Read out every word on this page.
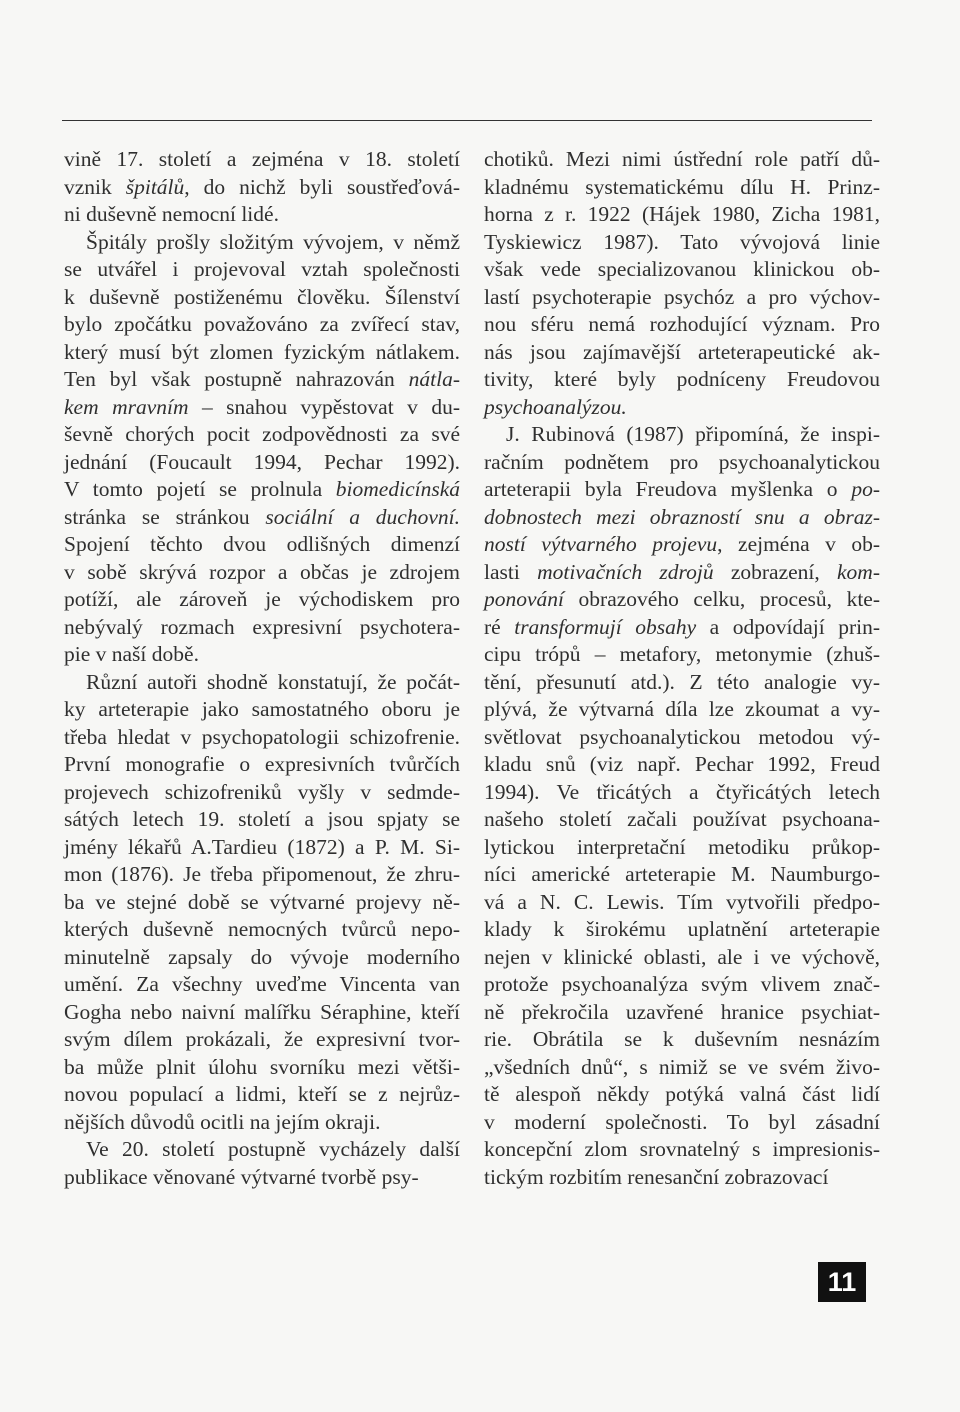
vině 17. století a zejména v 18. století
vznik špitálů, do nichž byli soustřeďová-
ni duševně nemocní lidé.

Špitály prošly složitým vývojem, v němž
se utvářel i projevoval vztah společnosti
k duševně postiženému člověku. Šílenství
bylo zpočátku považováno za zvířecí stav,
který musí být zlomen fyzickým nátlakem.
Ten byl však postupně nahrazován nátla-
kem mravním – snahou vypěstovat v du-
ševně chorých pocit zodpovědnosti za své
jednání (Foucault 1994, Pechar 1992).
V tomto pojetí se prolnula biomedicínská
stránka se stránkou sociální a duchovní.
Spojení těchto dvou odlišných dimenzí
v sobě skrývá rozpor a občas je zdrojem
potíží, ale zároveň je východiskem pro
nebývalý rozmach expresivní psychotera-
pie v naší době.

Různí autoři shodně konstatují, že počát-
ky arteterapie jako samostatného oboru je
třeba hledat v psychopatologii schizofrenie.
První monografie o expresivních tvůrčích
projevech schizofreniků vyšly v sedmde-
sátých letech 19. století a jsou spjaty se
jmény lékařů A.Tardieu (1872) a P. M. Si-
mon (1876). Je třeba připomenout, že zhru-
ba ve stejné době se výtvarné projevy ně-
kterých duševně nemocných tvůrců nepo-
minutelně zapsaly do vývoje moderního
umění. Za všechny uveďme Vincenta van
Gogha nebo naivní malířku Séraphine, kteří
svým dílem prokázali, že expresivní tvor-
ba může plnit úlohu svorníku mezi větši-
novou populací a lidmi, kteří se z nejrůz-
nějších důvodů ocitli na jejím okraji.

Ve 20. století postupně vycházely další
publikace věnované výtvarné tvorbě psy-

chotiků. Mezi nimi ústřední role patří dů-
kladnému systematickému dílu H. Prinz-
horna z r. 1922 (Hájek 1980, Zicha 1981,
Tyskiewicz 1987). Tato vývojová linie
však vede specializovanou klinickou ob-
lastí psychoterapie psychóz a pro výchov-
nou sféru nemá rozhodující význam. Pro
nás jsou zajímavější arteterapeutické ak-
tivity, které byly podníceny Freudovou
psychoanalýzou.

J. Rubinová (1987) připomíná, že inspi-
račním podnětem pro psychoanalytickou
arteterapii byla Freudova myšlenka o po-
dobnostech mezi obrazností snu a obraz-
ností výtvarného projevu, zejména v ob-
lasti motivačních zdrojů zobrazení, kom-
ponování obrazového celku, procesů, kte-
ré transformují obsahy a odpovídají prin-
cipu trópů – metafory, metonymie (zhuš-
tění, přesunutí atd.). Z této analogie vy-
plývá, že výtvarná díla lze zkoumat a vy-
světlovat psychoanalytickou metodou vý-
kladu snů (viz např. Pechar 1992, Freud
1994). Ve třicátých a čtyřicátých letech
našeho století začali používat psychoana-
lytickou interpretační metodiku průkop-
níci americké arteterapie M. Naumburgo-
vá a N. C. Lewis. Tím vytvořili předpo-
klady k širokému uplatnění arteterapie
nejen v klinické oblasti, ale i ve výchově,
protože psychoanalýza svým vlivem znač-
ně překročila uzavřené hranice psychiat-
rie. Obrátila se k duševním nesnázím
„všedních dnů“, s nimiž se ve svém živo-
tě alespoň někdy potýká valná část lidí
v moderní společnosti. To byl zásadní
koncepční zlom srovnatelný s impresionis-
tickým rozbitím renesanční zobrazovací

11
